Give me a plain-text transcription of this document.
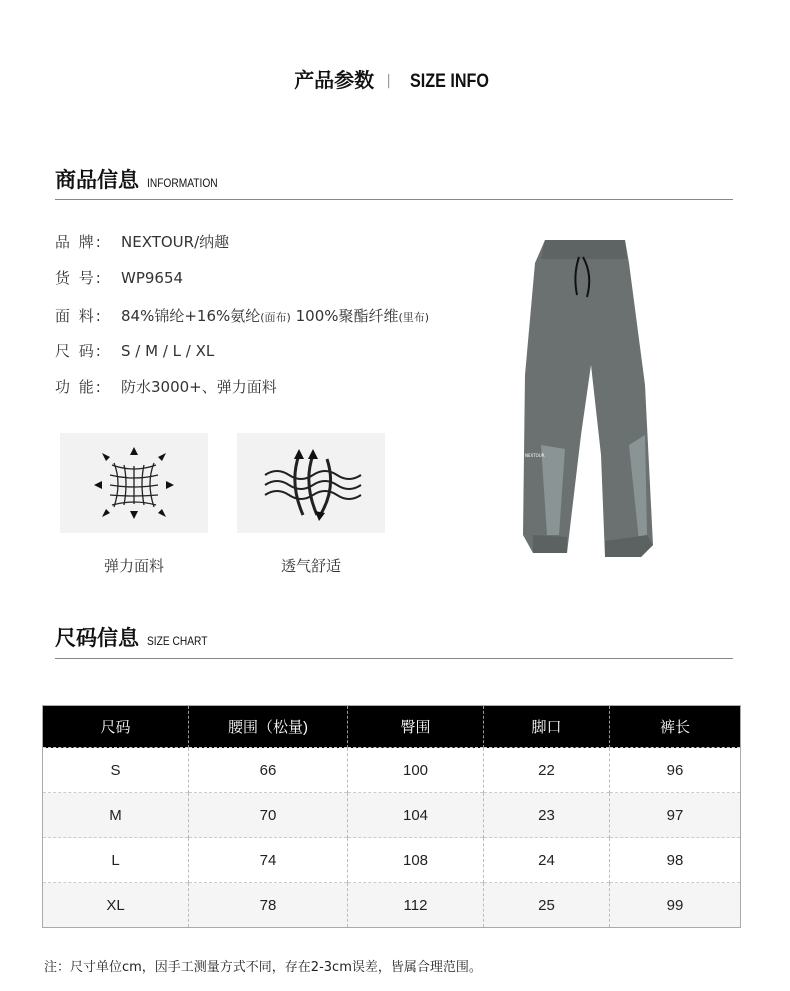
产品参数 | SIZE INFO
商品信息 INFORMATION
品 牌: NEXTOUR/纳趣
货 号: WP9654
面 料: 84%锦纶+16%氨纶(面布) 100%聚酯纤维(里布)
尺 码: S / M / L / XL
功 能: 防水3000+、弹力面料
弹力面料	透气舒适
NEXTOUR
尺码信息 SIZE CHART
尺码	腰围（松量)	臀围	脚口	裤长
S	66	100	22	96
M	70	104	23	97
L	74	108	24	98
XL	78	112	25	99
注：尺寸单位cm，因手工测量方式不同，存在2-3cm误差，皆属合理范围。
